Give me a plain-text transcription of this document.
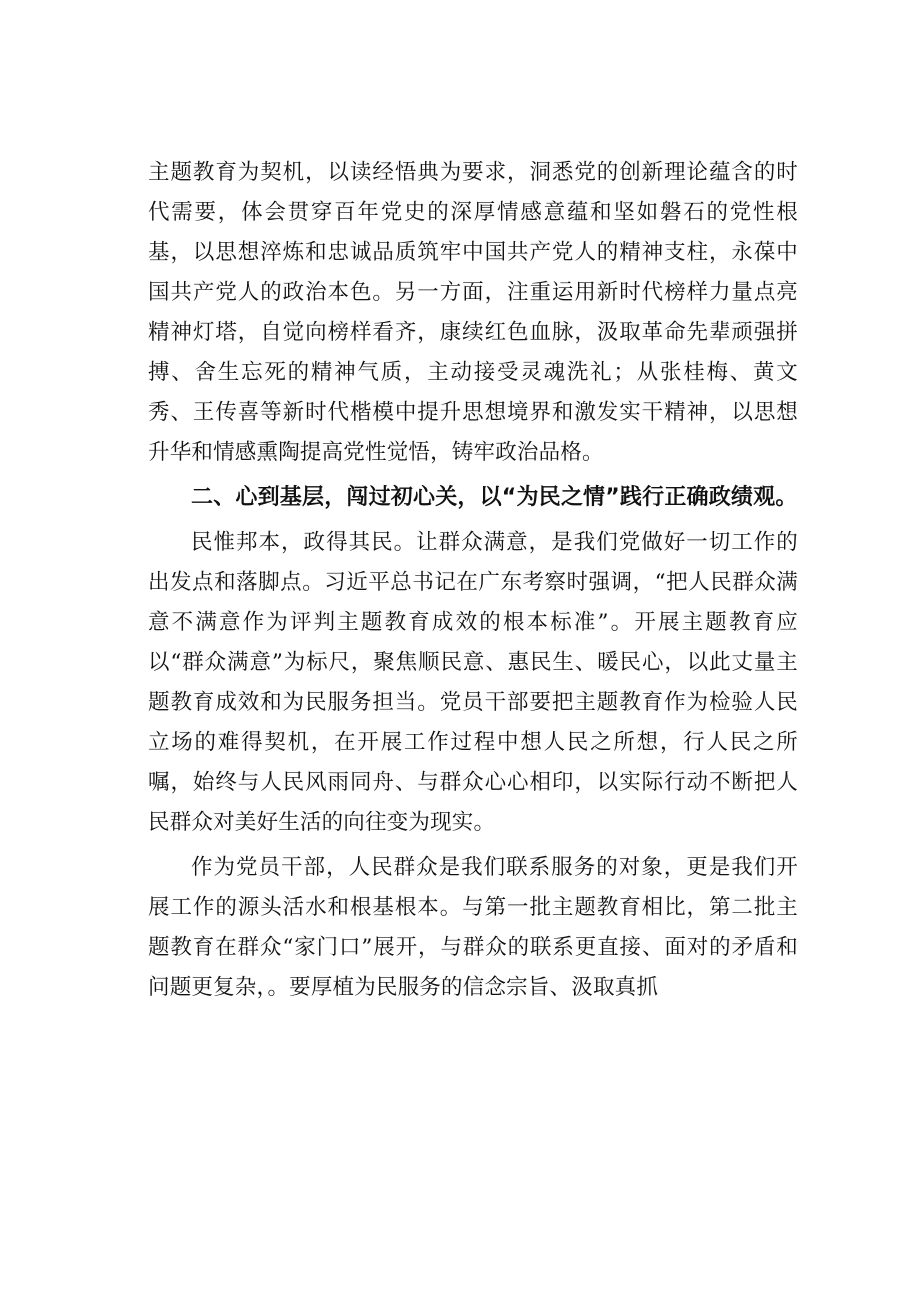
主题教育为契机，以读经悟典为要求，洞悉党的创新理论蕴含的时代需要，体会贯穿百年党史的深厚情感意蕴和坚如磐石的党性根基，以思想淬炼和忠诚品质筑牢中国共产党人的精神支柱，永葆中国共产党人的政治本色。另一方面，注重运用新时代榜样力量点亮精神灯塔，自觉向榜样看齐，康续红色血脉，汲取革命先辈顽强拼搏、舍生忘死的精神气质，主动接受灵魂洗礼；从张桂梅、黄文秀、王传喜等新时代楷模中提升思想境界和激发实干精神，以思想升华和情感熏陶提高党性觉悟，铸牢政治品格。

二、心到基层，闯过初心关，以“为民之情”践行正确政绩观。

民惟邦本，政得其民。让群众满意，是我们党做好一切工作的出发点和落脚点。习近平总书记在广东考察时强调，“把人民群众满意不满意作为评判主题教育成效的根本标准”。开展主题教育应以“群众满意”为标尺，聚焦顺民意、惠民生、暖民心，以此丈量主题教育成效和为民服务担当。党员干部要把主题教育作为检验人民立场的难得契机，在开展工作过程中想人民之所想，行人民之所嘱，始终与人民风雨同舟、与群众心心相印，以实际行动不断把人民群众对美好生活的向往变为现实。

作为党员干部，人民群众是我们联系服务的对象，更是我们开展工作的源头活水和根基根本。与第一批主题教育相比，第二批主题教育在群众“家门口”展开，与群众的联系更直接、面对的矛盾和问题更复杂，。要厚植为民服务的信念宗旨、汲取真抓
